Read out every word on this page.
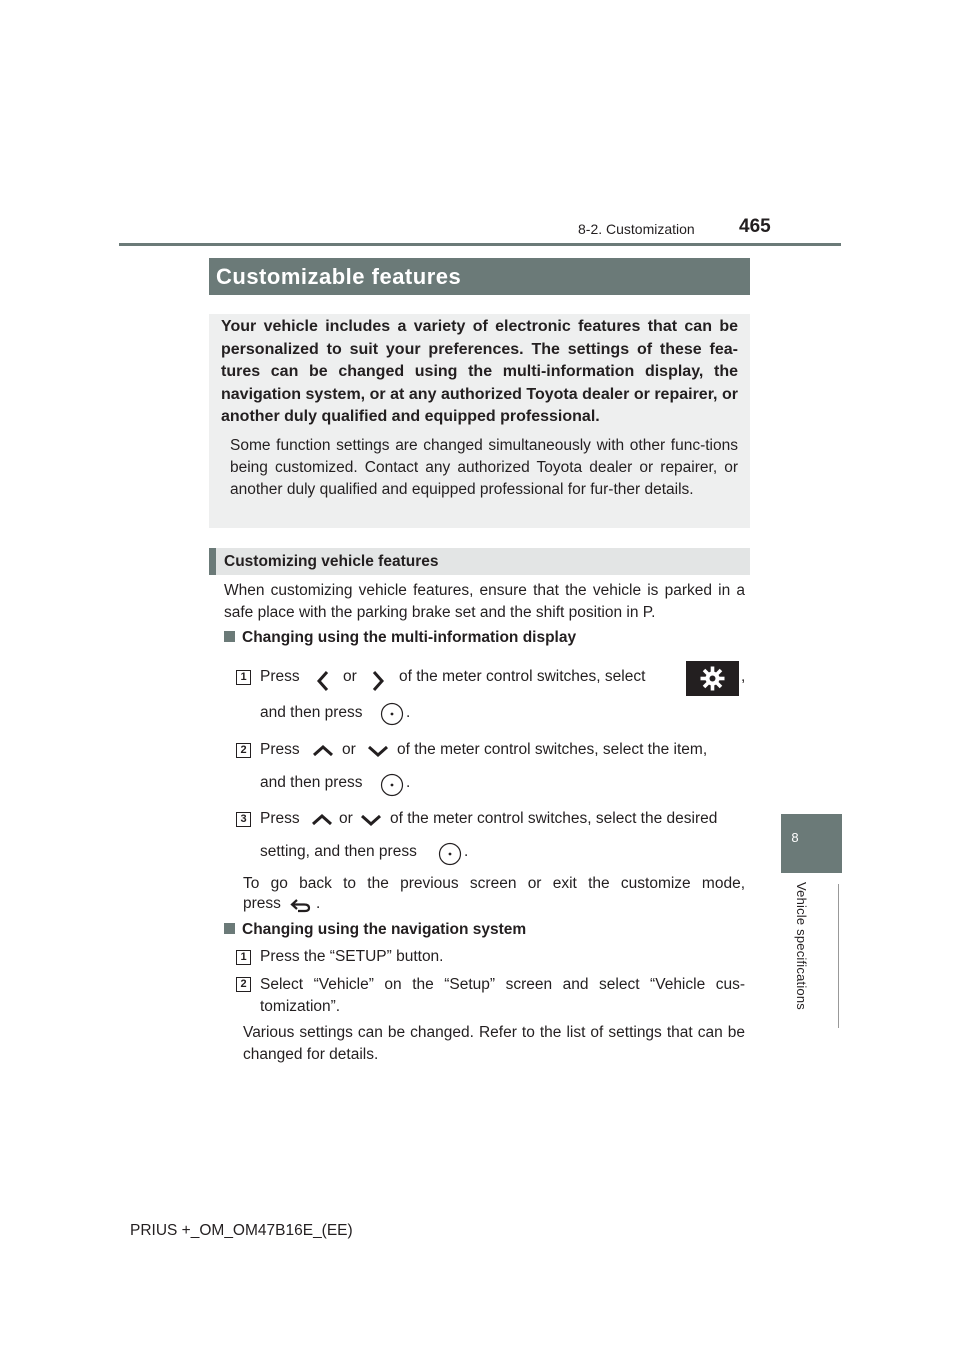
8-2. Customization 465
8
Vehicle specifications
Customizable features

Your vehicle includes a variety of electronic features that can be personalized to suit your preferences. The settings of these fea-tures can be changed using the multi-information display, the navigation system, or at any authorized Toyota dealer or repairer, or another duly qualified and equipped professional.

Some function settings are changed simultaneously with other func-tions being customized. Contact any authorized Toyota dealer or repairer, or another duly qualified and equipped professional for fur-ther details.

Customizing vehicle features
When customizing vehicle features, ensure that the vehicle is parked in a safe place with the parking brake set and the shift position in P.
Changing using the multi-information display
1 Press	or	of the meter control switches, select	,
and then press	.
2 Press	or	of the meter control switches, select the item,
and then press	.
3 Press	or of the meter control switches, select the desired
setting, and then press	.
To go back to the previous screen or exit the customize mode,
press .
Changing using the navigation system
1 Press the “SETUP” button.
2 Select “Vehicle” on the “Setup” screen and select “Vehicle cus-tomization”.
Various settings can be changed. Refer to the list of settings that can be changed for details.
PRIUS +_OM_OM47B16E_(EE)
